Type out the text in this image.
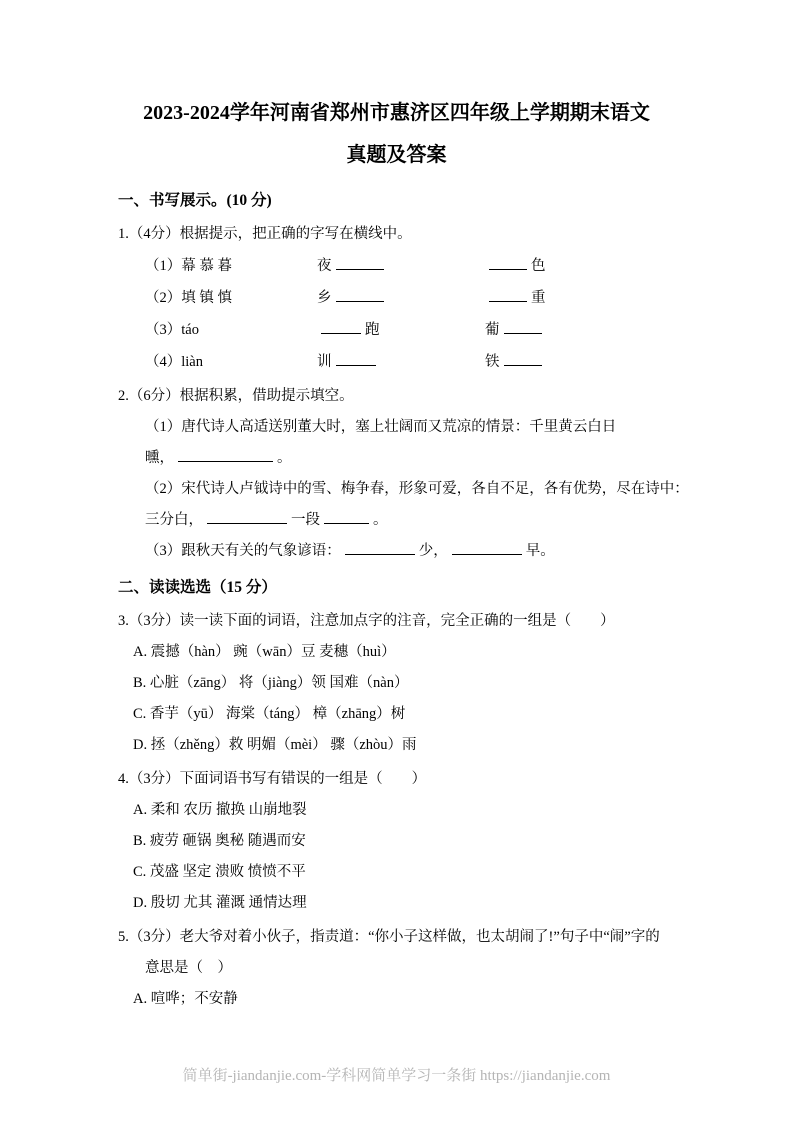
2023-2024学年河南省郑州市惠济区四年级上学期期末语文
真题及答案
一、书写展示。(10 分)
1.（4分）根据提示，把正确的字写在横线中。
（1）幕 慕 暮	夜	色
（2）填 镇 慎	乡	重
（3）táo	跑	葡
（4）liàn	训	铁
2.（6分）根据积累，借助提示填空。
（1）唐代诗人高适送别董大时，塞上壮阔而又荒凉的情景：千里黄云白日
曛，	。
（2）宋代诗人卢钺诗中的雪、梅争春，形象可爱，各自不足，各有优势，尽在诗中：
三分白，	一段	。
（3）跟秋天有关的气象谚语：	少，	早。
二、读读选选（15 分）
3.（3分）读一读下面的词语，注意加点字的注音，完全正确的一组是（　　）
A. 震撼（hàn） 豌（wān）豆 麦穗（huì）
B. 心脏（zāng） 将（jiàng）领 国难（nàn）
C. 香芋（yū） 海棠（táng） 樟（zhāng）树
D. 拯（zhěng）救 明媚（mèi） 骤（zhòu）雨
4.（3分）下面词语书写有错误的一组是（　　）
A. 柔和 农历 撤换 山崩地裂
B. 疲劳 砸锅 奥秘 随遇而安
C. 茂盛 坚定 溃败 愤愤不平
D. 殷切 尤其 灌溉 通情达理
5.（3分）老大爷对着小伙子，指责道：“你小子这样做，也太胡闹了!”句子中“闹”字的
意思是（　）
A. 喧哗；不安静
简单街-jiandanjie.com-学科网简单学习一条街 https://jiandanjie.com
